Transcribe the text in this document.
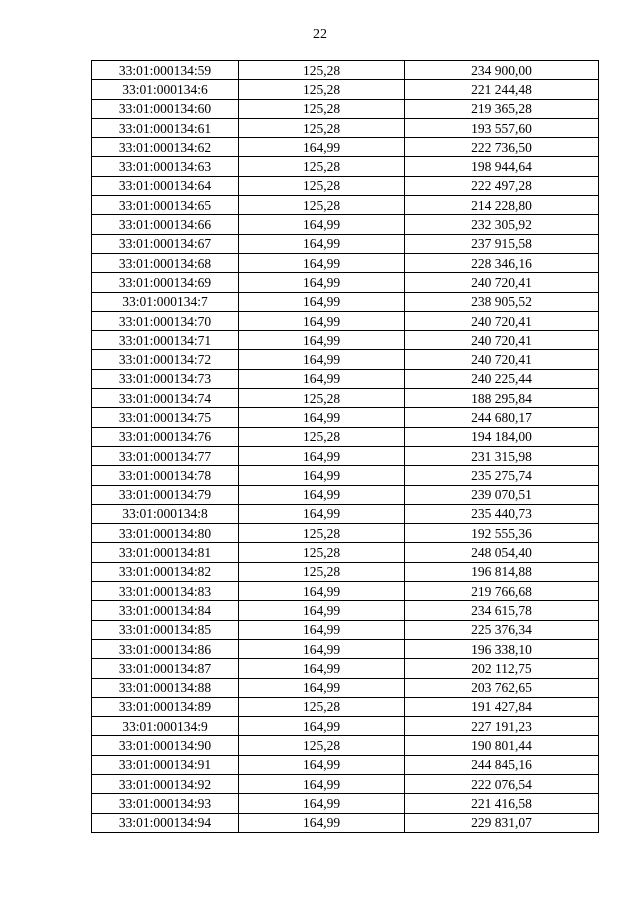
22
33:01:000134:59	125,28	234 900,00
33:01:000134:6	125,28	221 244,48
33:01:000134:60	125,28	219 365,28
33:01:000134:61	125,28	193 557,60
33:01:000134:62	164,99	222 736,50
33:01:000134:63	125,28	198 944,64
33:01:000134:64	125,28	222 497,28
33:01:000134:65	125,28	214 228,80
33:01:000134:66	164,99	232 305,92
33:01:000134:67	164,99	237 915,58
33:01:000134:68	164,99	228 346,16
33:01:000134:69	164,99	240 720,41
33:01:000134:7	164,99	238 905,52
33:01:000134:70	164,99	240 720,41
33:01:000134:71	164,99	240 720,41
33:01:000134:72	164,99	240 720,41
33:01:000134:73	164,99	240 225,44
33:01:000134:74	125,28	188 295,84
33:01:000134:75	164,99	244 680,17
33:01:000134:76	125,28	194 184,00
33:01:000134:77	164,99	231 315,98
33:01:000134:78	164,99	235 275,74
33:01:000134:79	164,99	239 070,51
33:01:000134:8	164,99	235 440,73
33:01:000134:80	125,28	192 555,36
33:01:000134:81	125,28	248 054,40
33:01:000134:82	125,28	196 814,88
33:01:000134:83	164,99	219 766,68
33:01:000134:84	164,99	234 615,78
33:01:000134:85	164,99	225 376,34
33:01:000134:86	164,99	196 338,10
33:01:000134:87	164,99	202 112,75
33:01:000134:88	164,99	203 762,65
33:01:000134:89	125,28	191 427,84
33:01:000134:9	164,99	227 191,23
33:01:000134:90	125,28	190 801,44
33:01:000134:91	164,99	244 845,16
33:01:000134:92	164,99	222 076,54
33:01:000134:93	164,99	221 416,58
33:01:000134:94	164,99	229 831,07
